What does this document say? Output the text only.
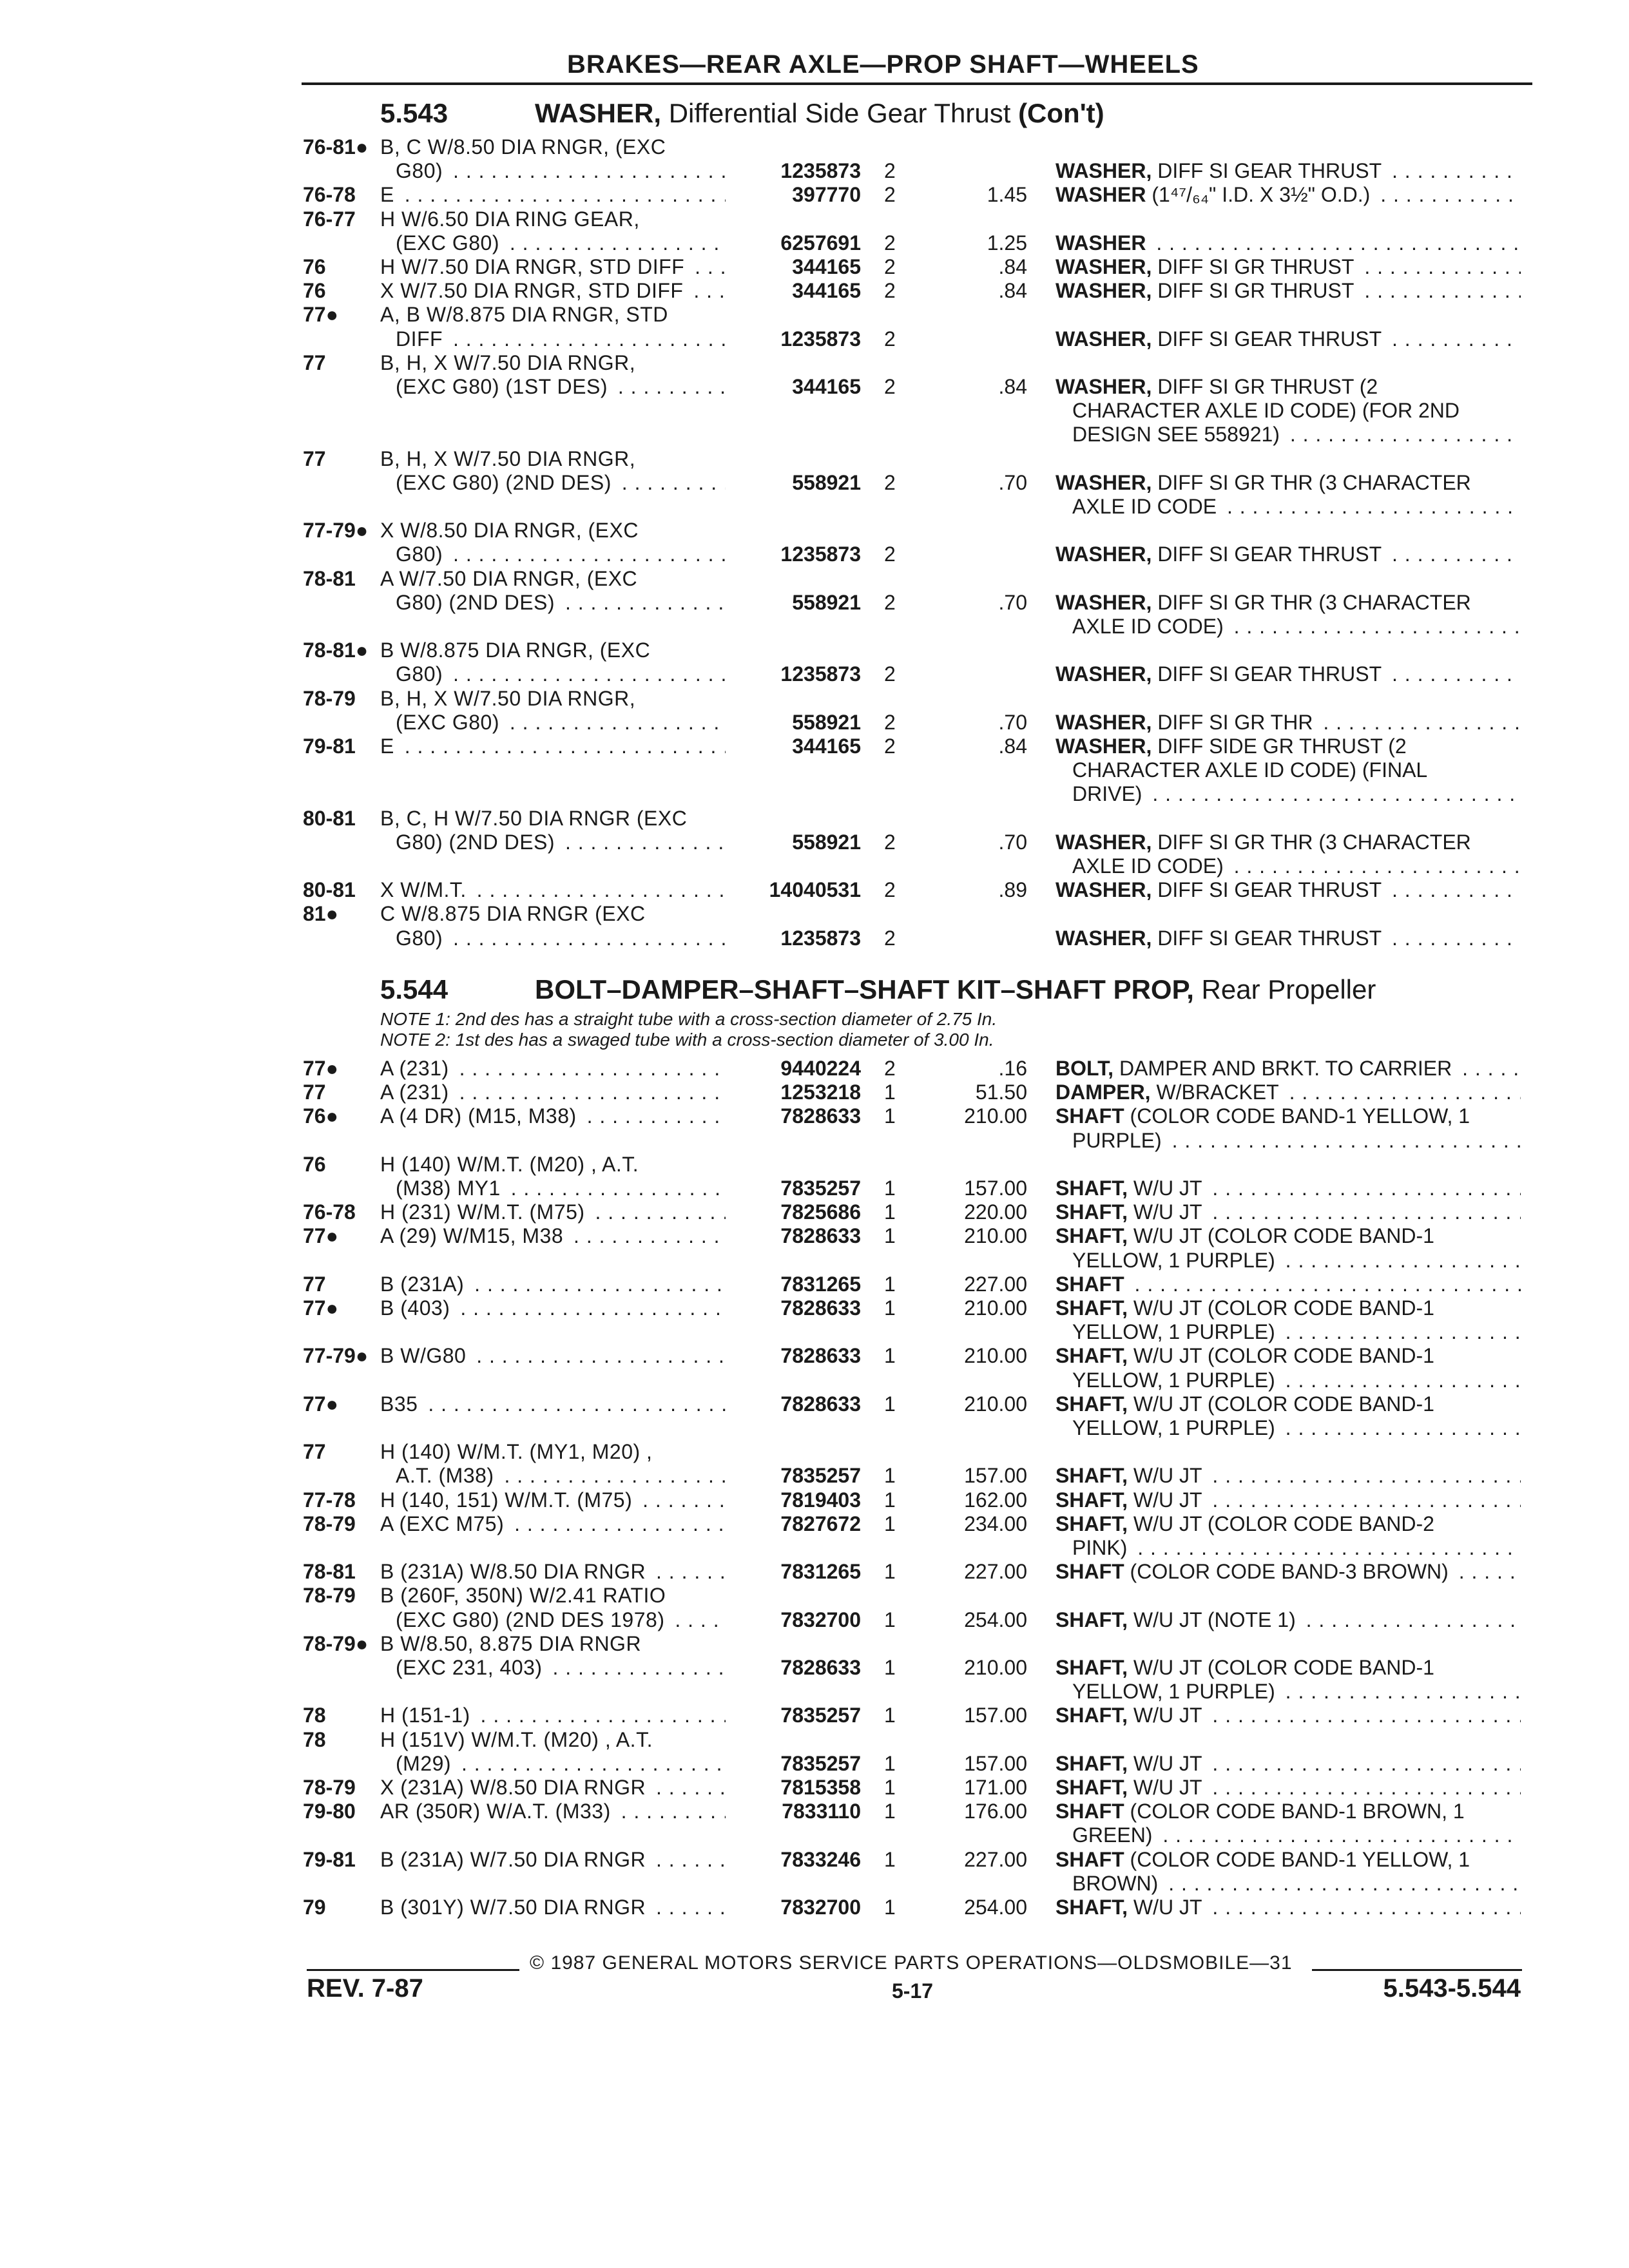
BRAKES—REAR AXLE—PROP SHAFT—WHEELS
5.543	WASHER, Differential Side Gear Thrust (Con't)
76-81● B, C W/8.50 DIA RNGR, (EXC
G80) . . .	1235873 2	WASHER, DIFF SI GEAR THRUST . . .
76-78 E . . .	397770 2	1.45 WASHER (1⁴⁷/₆₄" I.D. X 3½" O.D.) . . .
76-77 H W/6.50 DIA RING GEAR,
(EXC G80) . . .	6257691 2	1.25 WASHER . . .
76	H W/7.50 DIA RNGR, STD DIFF . . .	344165 2	.84 WASHER, DIFF SI GR THRUST . . .
76	X W/7.50 DIA RNGR, STD DIFF . . .	344165 2	.84 WASHER, DIFF SI GR THRUST . . .
77● A, B W/8.875 DIA RNGR, STD
DIFF . . .	1235873 2	WASHER, DIFF SI GEAR THRUST . . .
77	B, H, X W/7.50 DIA RNGR,
(EXC G80) (1ST DES) . . .	344165 2	.84 WASHER, DIFF SI GR THRUST (2
CHARACTER AXLE ID CODE) (FOR 2ND
DESIGN SEE 558921) . . .
77	B, H, X W/7.50 DIA RNGR,
(EXC G80) (2ND DES) . . .	558921 2	.70 WASHER, DIFF SI GR THR (3 CHARACTER
AXLE ID CODE . . .
77-79● X W/8.50 DIA RNGR, (EXC
G80) . . .	1235873 2	WASHER, DIFF SI GEAR THRUST . . .
78-81 A W/7.50 DIA RNGR, (EXC
G80) (2ND DES) . . .	558921 2	.70 WASHER, DIFF SI GR THR (3 CHARACTER
AXLE ID CODE) . . .
78-81● B W/8.875 DIA RNGR, (EXC
G80) . . .	1235873 2	WASHER, DIFF SI GEAR THRUST . . .
78-79 B, H, X W/7.50 DIA RNGR,
(EXC G80) . . .	558921 2	.70 WASHER, DIFF SI GR THR . . .
79-81 E . . .	344165 2	.84 WASHER, DIFF SIDE GR THRUST (2
CHARACTER AXLE ID CODE) (FINAL
DRIVE) . . .
80-81 B, C, H W/7.50 DIA RNGR (EXC
G80) (2ND DES) . . .	558921 2	.70 WASHER, DIFF SI GR THR (3 CHARACTER
AXLE ID CODE) . . .
80-81 X W/M.T. . . .	14040531 2	.89 WASHER, DIFF SI GEAR THRUST . . .
81● C W/8.875 DIA RNGR (EXC
G80) . . .	1235873 2	WASHER, DIFF SI GEAR THRUST . . .
5.544	BOLT–DAMPER–SHAFT–SHAFT KIT–SHAFT PROP, Rear Propeller
NOTE 1: 2nd des has a straight tube with a cross-section diameter of 2.75 In.
NOTE 2: 1st des has a swaged tube with a cross-section diameter of 3.00 In.
77● A (231) . . .	9440224 2	.16 BOLT, DAMPER AND BRKT. TO CARRIER . . .
77	A (231) . . .	1253218 1	51.50 DAMPER, W/BRACKET . . .
76● A (4 DR) (M15, M38) . . .	7828633 1	210.00 SHAFT (COLOR CODE BAND-1 YELLOW, 1
PURPLE) . . .
76	H (140) W/M.T. (M20) , A.T.
(M38) MY1 . . .	7835257 1	157.00 SHAFT, W/U JT . . .
76-78 H (231) W/M.T. (M75) . . .	7825686 1	220.00 SHAFT, W/U JT . . .
77● A (29) W/M15, M38 . . .	7828633 1	210.00 SHAFT, W/U JT (COLOR CODE BAND-1
YELLOW, 1 PURPLE) . . .
77	B (231A) . . .	7831265 1	227.00 SHAFT . . .
77● B (403) . . .	7828633 1	210.00 SHAFT, W/U JT (COLOR CODE BAND-1
YELLOW, 1 PURPLE) . . .
77-79● B W/G80 . . .	7828633 1	210.00 SHAFT, W/U JT (COLOR CODE BAND-1
YELLOW, 1 PURPLE) . . .
77● B35 . . .	7828633 1	210.00 SHAFT, W/U JT (COLOR CODE BAND-1
YELLOW, 1 PURPLE) . . .
77	H (140) W/M.T. (MY1, M20) ,
A.T. (M38) . . .	7835257 1	157.00 SHAFT, W/U JT . . .
77-78 H (140, 151) W/M.T. (M75) . . .	7819403 1	162.00 SHAFT, W/U JT . . .
78-79 A (EXC M75) . . .	7827672 1	234.00 SHAFT, W/U JT (COLOR CODE BAND-2
PINK) . . .
78-81 B (231A) W/8.50 DIA RNGR . . .	7831265 1	227.00 SHAFT (COLOR CODE BAND-3 BROWN) . . .
78-79 B (260F, 350N) W/2.41 RATIO
(EXC G80) (2ND DES 1978) . . .	7832700 1	254.00 SHAFT, W/U JT (NOTE 1) . . .
78-79● B W/8.50, 8.875 DIA RNGR
(EXC 231, 403) . . .	7828633 1	210.00 SHAFT, W/U JT (COLOR CODE BAND-1
YELLOW, 1 PURPLE) . . .
78	H (151-1) . . .	7835257 1	157.00 SHAFT, W/U JT . . .
78	H (151V) W/M.T. (M20) , A.T.
(M29) . . .	7835257 1	157.00 SHAFT, W/U JT . . .
78-79 X (231A) W/8.50 DIA RNGR . . .	7815358 1	171.00 SHAFT, W/U JT . . .
79-80 AR (350R) W/A.T. (M33) . . .	7833110 1	176.00 SHAFT (COLOR CODE BAND-1 BROWN, 1
GREEN) . . .
79-81 B (231A) W/7.50 DIA RNGR . . .	7833246 1	227.00 SHAFT (COLOR CODE BAND-1 YELLOW, 1
BROWN) . . .
79	B (301Y) W/7.50 DIA RNGR . . .	7832700 1	254.00 SHAFT, W/U JT . . .
© 1987 GENERAL MOTORS SERVICE PARTS OPERATIONS—OLDSMOBILE—31
REV. 7-87	5-17	5.543-5.544
